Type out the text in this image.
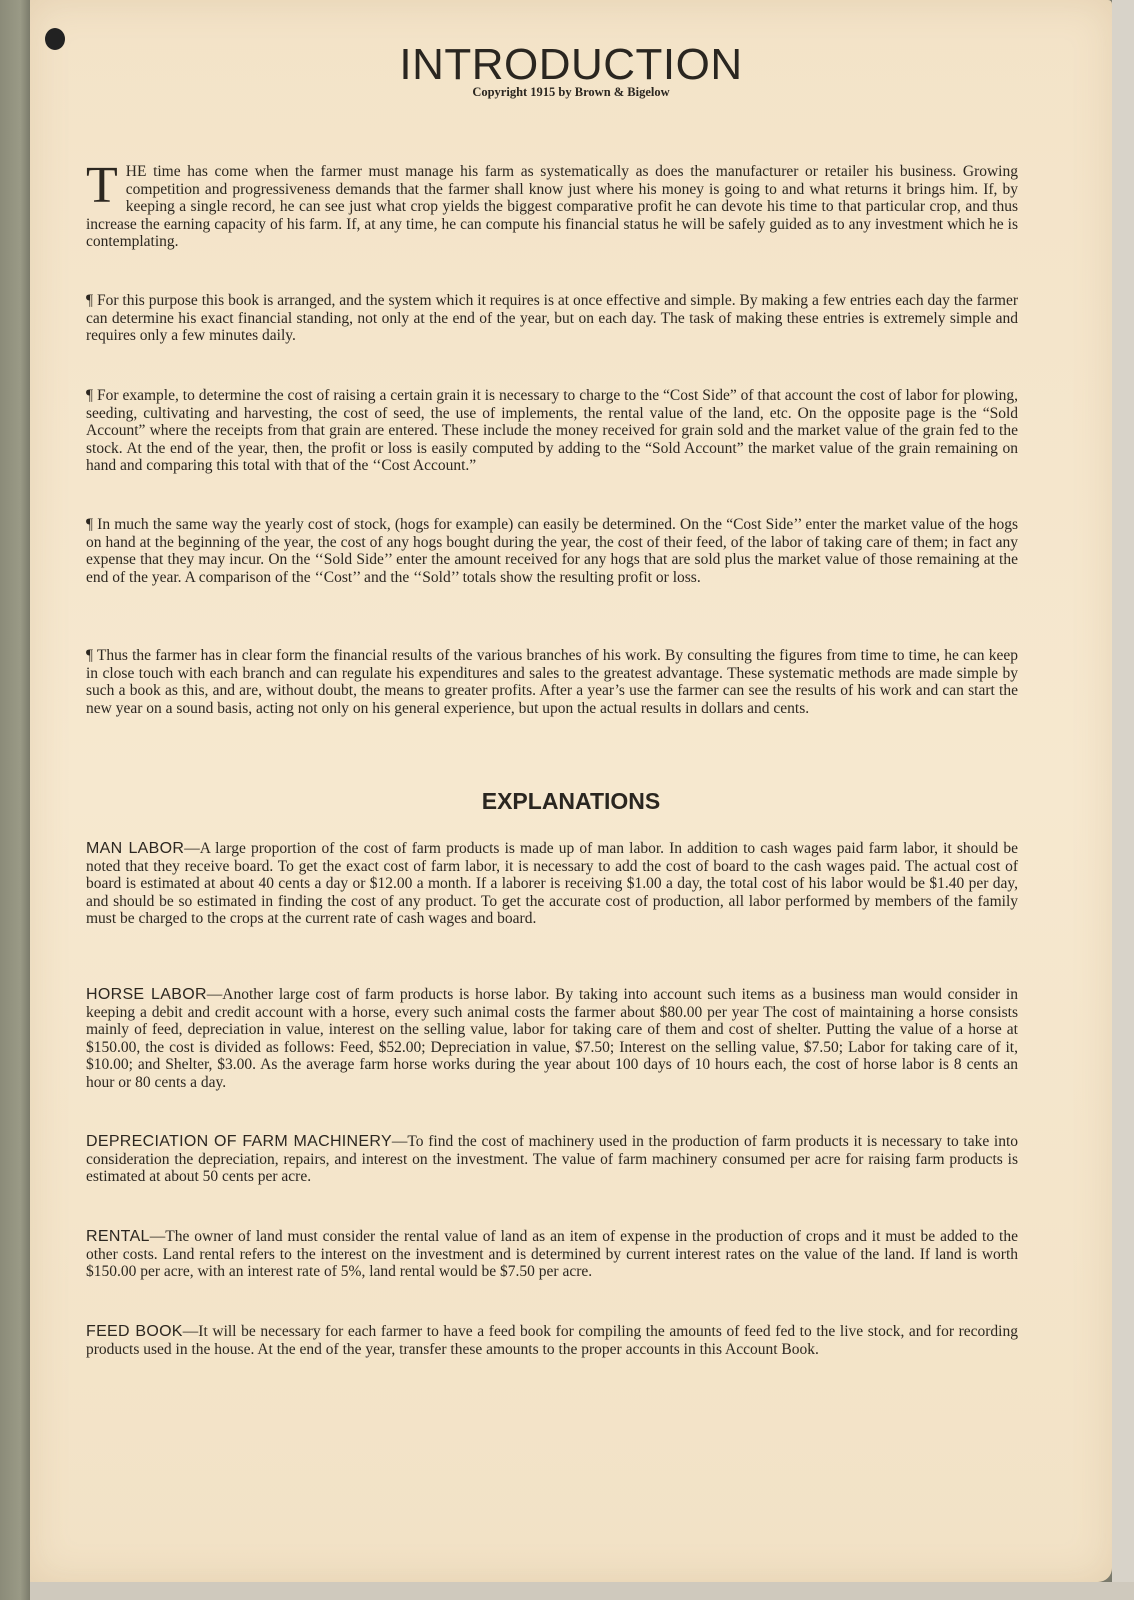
INTRODUCTION
Copyright 1915 by Brown & Bigelow

THE time has come when the farmer must manage his farm as systematically as does the manufacturer or retailer his business. Growing competition and progressiveness demands that the farmer shall know just where his money is going to and what returns it brings him. If, by keeping a single record, he can see just what crop yields the biggest comparative profit he can devote his time to that particular crop, and thus increase the earning capacity of his farm. If, at any time, he can compute his financial status he will be safely guided as to any investment which he is contemplating.

¶ For this purpose this book is arranged, and the system which it requires is at once effective and simple. By making a few entries each day the farmer can determine his exact financial standing, not only at the end of the year, but on each day. The task of making these entries is extremely simple and requires only a few minutes daily.

¶ For example, to determine the cost of raising a certain grain it is necessary to charge to the “Cost Side” of that account the cost of labor for plowing, seeding, cultivating and harvesting, the cost of seed, the use of implements, the rental value of the land, etc. On the opposite page is the “Sold Account” where the receipts from that grain are entered. These include the money received for grain sold and the market value of the grain fed to the stock. At the end of the year, then, the profit or loss is easily computed by adding to the “Sold Account” the market value of the grain remaining on hand and comparing this total with that of the ‘‘Cost Account.”

¶ In much the same way the yearly cost of stock, (hogs for example) can easily be determined. On the “Cost Side’’ enter the market value of the hogs on hand at the beginning of the year, the cost of any hogs bought during the year, the cost of their feed, of the labor of taking care of them; in fact any expense that they may incur. On the ‘‘Sold Side’’ enter the amount received for any hogs that are sold plus the market value of those remaining at the end of the year. A comparison of the ‘‘Cost’’ and the ‘‘Sold’’ totals show the resulting profit or loss.

¶ Thus the farmer has in clear form the financial results of the various branches of his work. By consulting the figures from time to time, he can keep in close touch with each branch and can regulate his expenditures and sales to the greatest advantage. These systematic methods are made simple by such a book as this, and are, without doubt, the means to greater profits. After a year’s use the farmer can see the results of his work and can start the new year on a sound basis, acting not only on his general experience, but upon the actual results in dollars and cents.

EXPLANATIONS

MAN LABOR—A large proportion of the cost of farm products is made up of man labor. In addition to cash wages paid farm labor, it should be noted that they receive board. To get the exact cost of farm labor, it is necessary to add the cost of board to the cash wages paid. The actual cost of board is estimated at about 40 cents a day or $12.00 a month. If a laborer is receiving $1.00 a day, the total cost of his labor would be $1.40 per day, and should be so estimated in finding the cost of any product. To get the accurate cost of production, all labor performed by members of the family must be charged to the crops at the current rate of cash wages and board.

HORSE LABOR—Another large cost of farm products is horse labor. By taking into account such items as a business man would consider in keeping a debit and credit account with a horse, every such animal costs the farmer about $80.00 per year The cost of maintaining a horse consists mainly of feed, depreciation in value, interest on the selling value, labor for taking care of them and cost of shelter. Putting the value of a horse at $150.00, the cost is divided as follows: Feed, $52.00; Depreciation in value, $7.50; Interest on the selling value, $7.50; Labor for taking care of it, $10.00; and Shelter, $3.00. As the average farm horse works during the year about 100 days of 10 hours each, the cost of horse labor is 8 cents an hour or 80 cents a day.

DEPRECIATION OF FARM MACHINERY—To find the cost of machinery used in the production of farm products it is necessary to take into consideration the depreciation, repairs, and interest on the investment. The value of farm machinery consumed per acre for raising farm products is estimated at about 50 cents per acre.

RENTAL—The owner of land must consider the rental value of land as an item of expense in the production of crops and it must be added to the other costs. Land rental refers to the interest on the investment and is determined by current interest rates on the value of the land. If land is worth $150.00 per acre, with an interest rate of 5%, land rental would be $7.50 per acre.

FEED BOOK—It will be necessary for each farmer to have a feed book for compiling the amounts of feed fed to the live stock, and for recording products used in the house. At the end of the year, transfer these amounts to the proper accounts in this Account Book.
